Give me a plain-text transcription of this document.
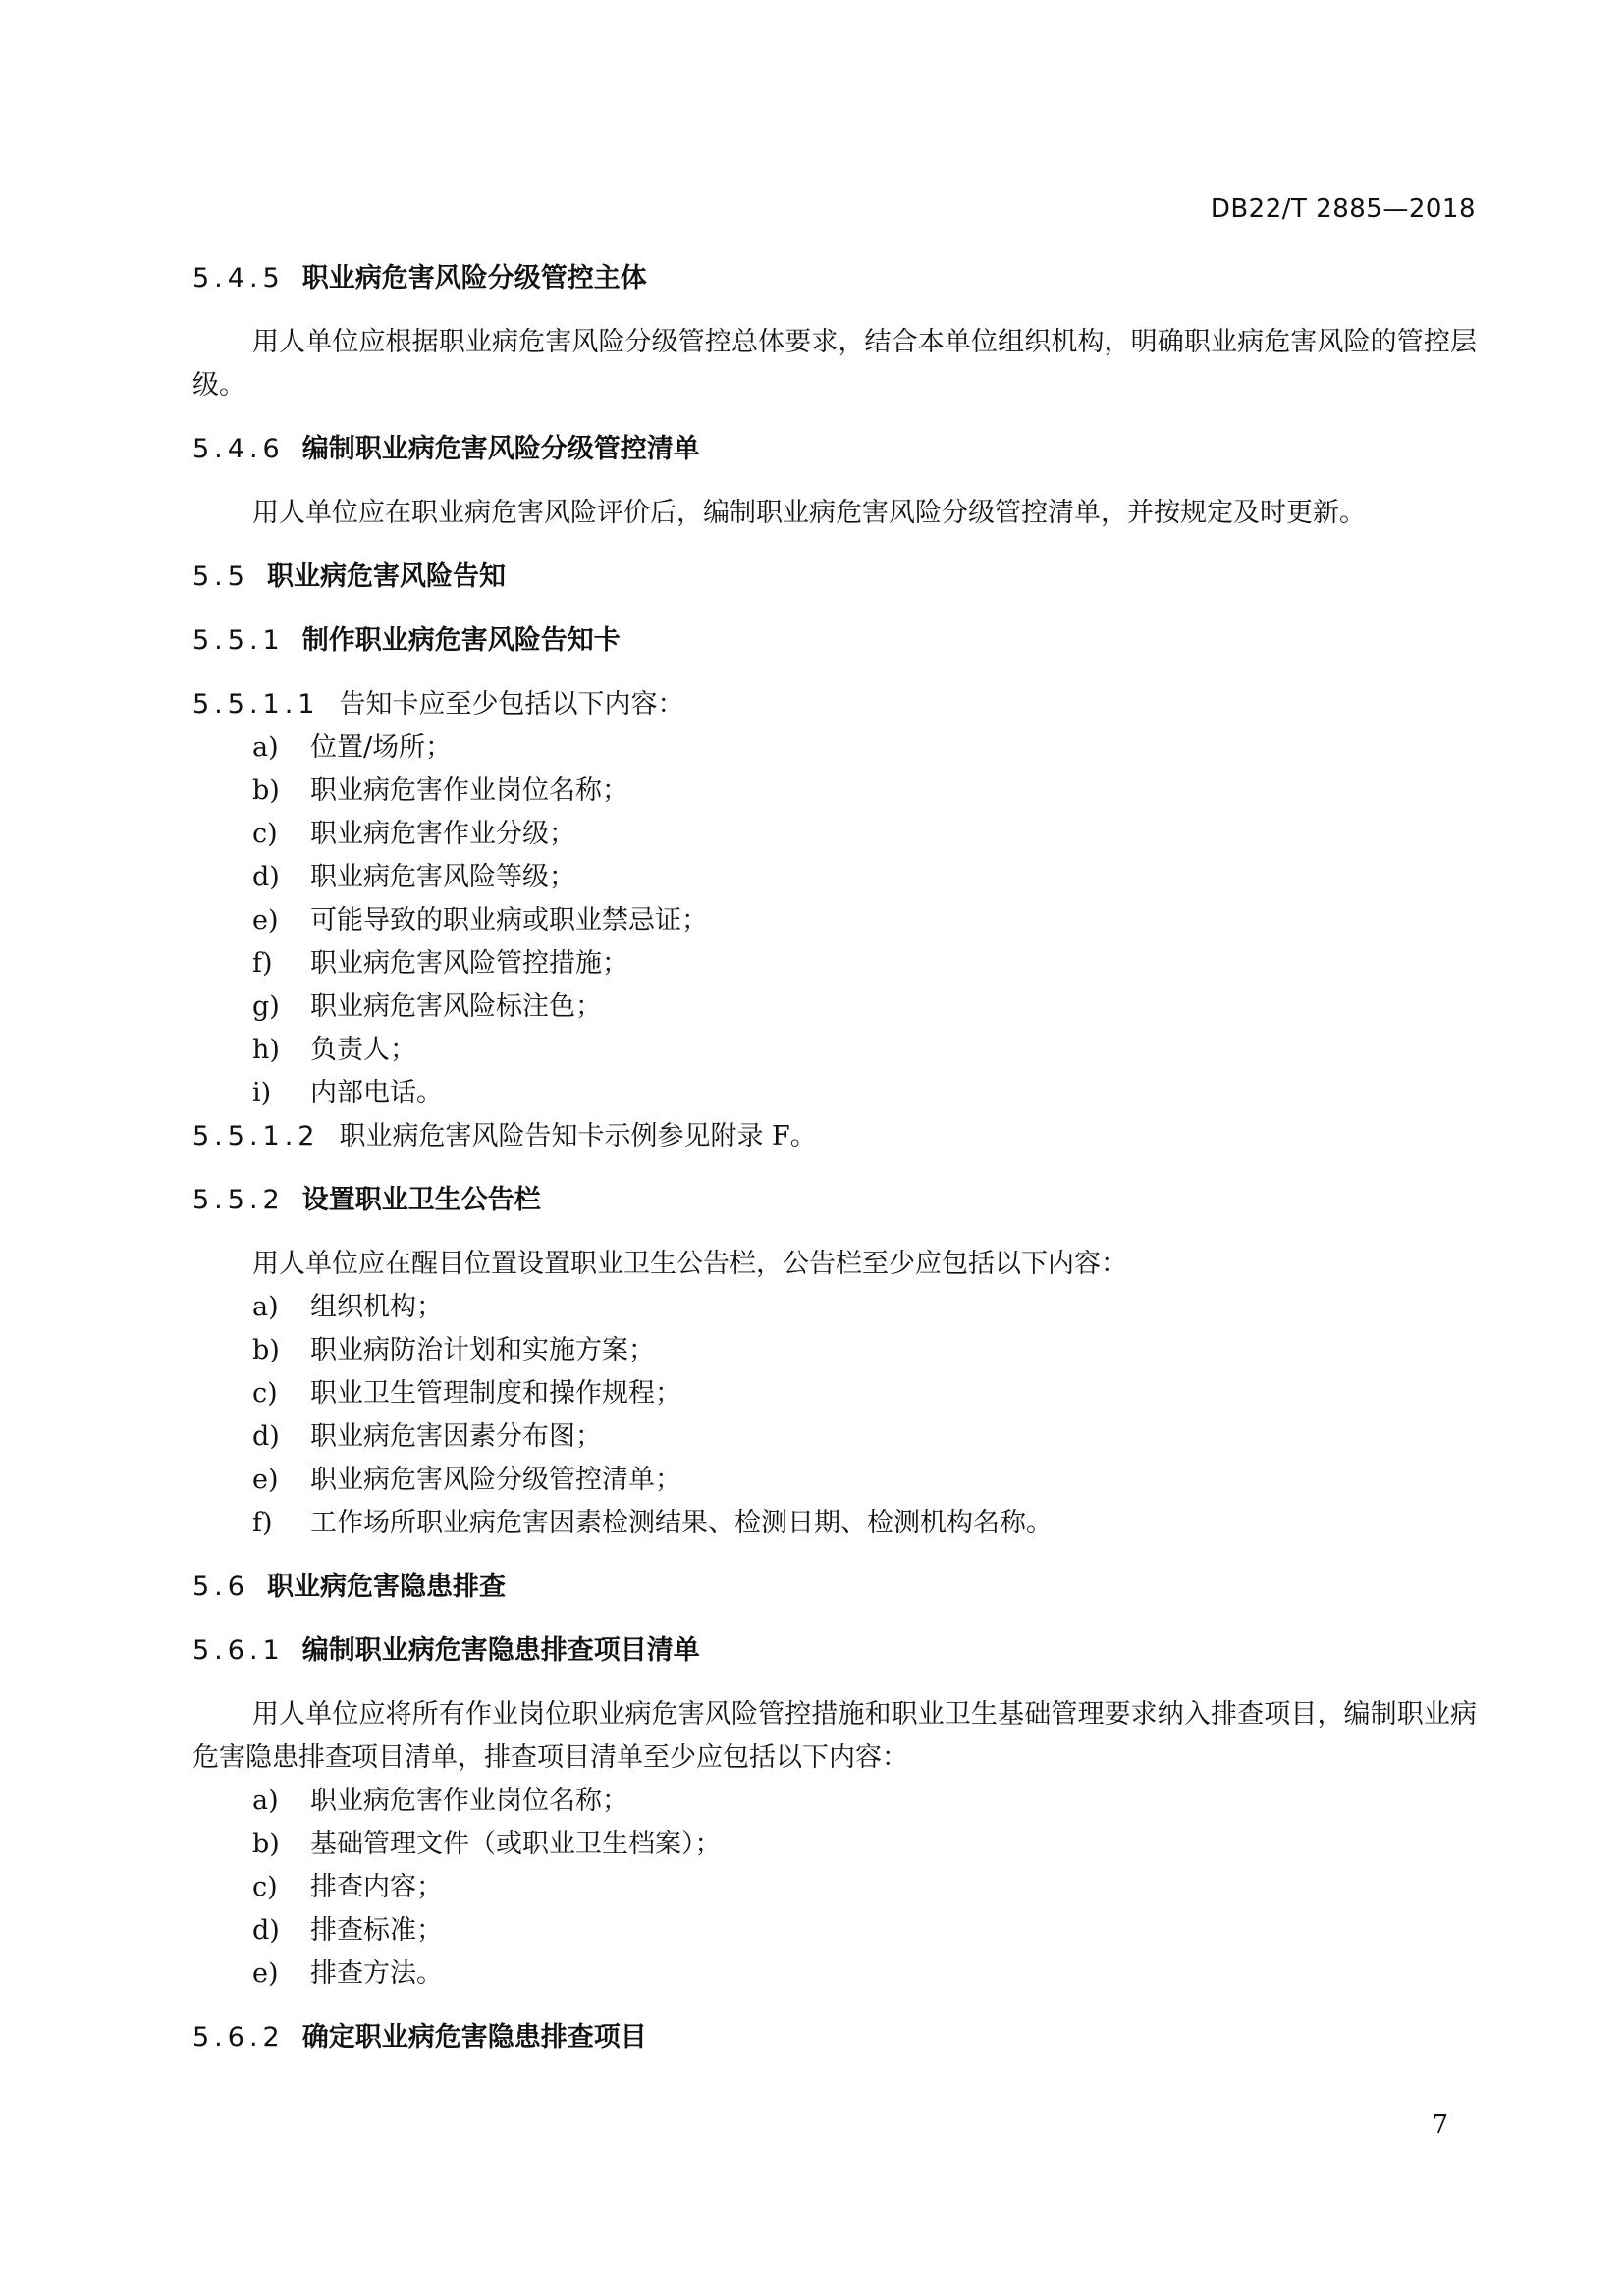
DB22/T 2885—2018
5.4.5 职业病危害风险分级管控主体

用人单位应根据职业病危害风险分级管控总体要求，结合本单位组织机构，明确职业病危害风险的管控层级。

5.4.6 编制职业病危害风险分级管控清单

用人单位应在职业病危害风险评价后，编制职业病危害风险分级管控清单，并按规定及时更新。

5.5 职业病危害风险告知
5.5.1 制作职业病危害风险告知卡
5.5.1.1 告知卡应至少包括以下内容：
a) 位置/场所；
b) 职业病危害作业岗位名称；
c) 职业病危害作业分级；
d) 职业病危害风险等级；
e) 可能导致的职业病或职业禁忌证；
f) 职业病危害风险管控措施；
g) 职业病危害风险标注色；
h) 负责人；
i) 内部电话。
5.5.1.2 职业病危害风险告知卡示例参见附录 F。
5.5.2 设置职业卫生公告栏

用人单位应在醒目位置设置职业卫生公告栏，公告栏至少应包括以下内容：

a) 组织机构；
b) 职业病防治计划和实施方案；
c) 职业卫生管理制度和操作规程；
d) 职业病危害因素分布图；
e) 职业病危害风险分级管控清单；
f) 工作场所职业病危害因素检测结果、检测日期、检测机构名称。
5.6 职业病危害隐患排查
5.6.1 编制职业病危害隐患排查项目清单

用人单位应将所有作业岗位职业病危害风险管控措施和职业卫生基础管理要求纳入排查项目，编制职业病危害隐患排查项目清单，排查项目清单至少应包括以下内容：

a) 职业病危害作业岗位名称；
b) 基础管理文件（或职业卫生档案）；
c) 排查内容；
d) 排查标准；
e) 排查方法。
5.6.2 确定职业病危害隐患排查项目
7
